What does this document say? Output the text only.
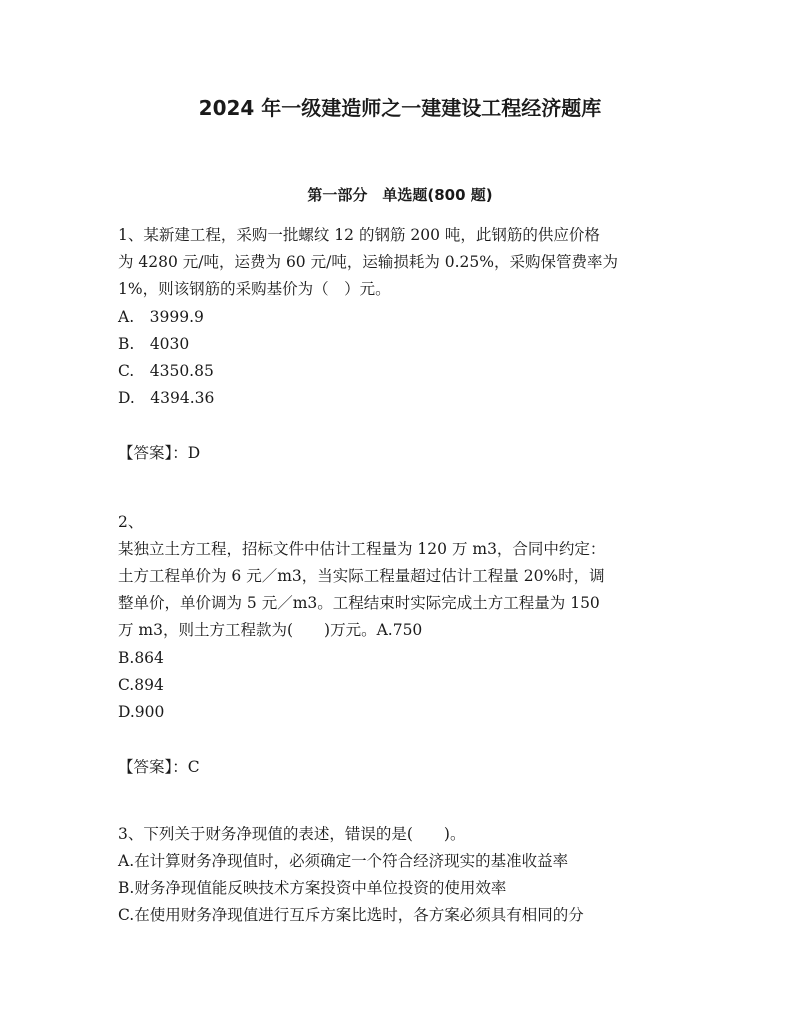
2024 年一级建造师之一建建设工程经济题库
第一部分　单选题(800 题)

1、某新建工程，采购一批螺纹 12 的钢筋 200 吨，此钢筋的供应价格

为 4280 元/吨，运费为 60 元/吨，运输损耗为 0.25%，采购保管费率为

1%，则该钢筋的采购基价为（　）元。

A.　3999.9

B.　4030

C.　4350.85

D.　4394.36

【答案】：D

2、

某独立土方工程，招标文件中估计工程量为 120 万 m3，合同中约定：

土方工程单价为 6 元／m3，当实际工程量超过估计工程量 20%时，调

整单价，单价调为 5 元／m3。工程结束时实际完成土方工程量为 150

万 m3，则土方工程款为(　　)万元。A.750

B.864

C.894

D.900

【答案】：C

3、下列关于财务净现值的表述，错误的是(　　)。

A.在计算财务净现值时，必须确定一个符合经济现实的基准收益率

B.财务净现值能反映技术方案投资中单位投资的使用效率

C.在使用财务净现值进行互斥方案比选时，各方案必须具有相同的分
